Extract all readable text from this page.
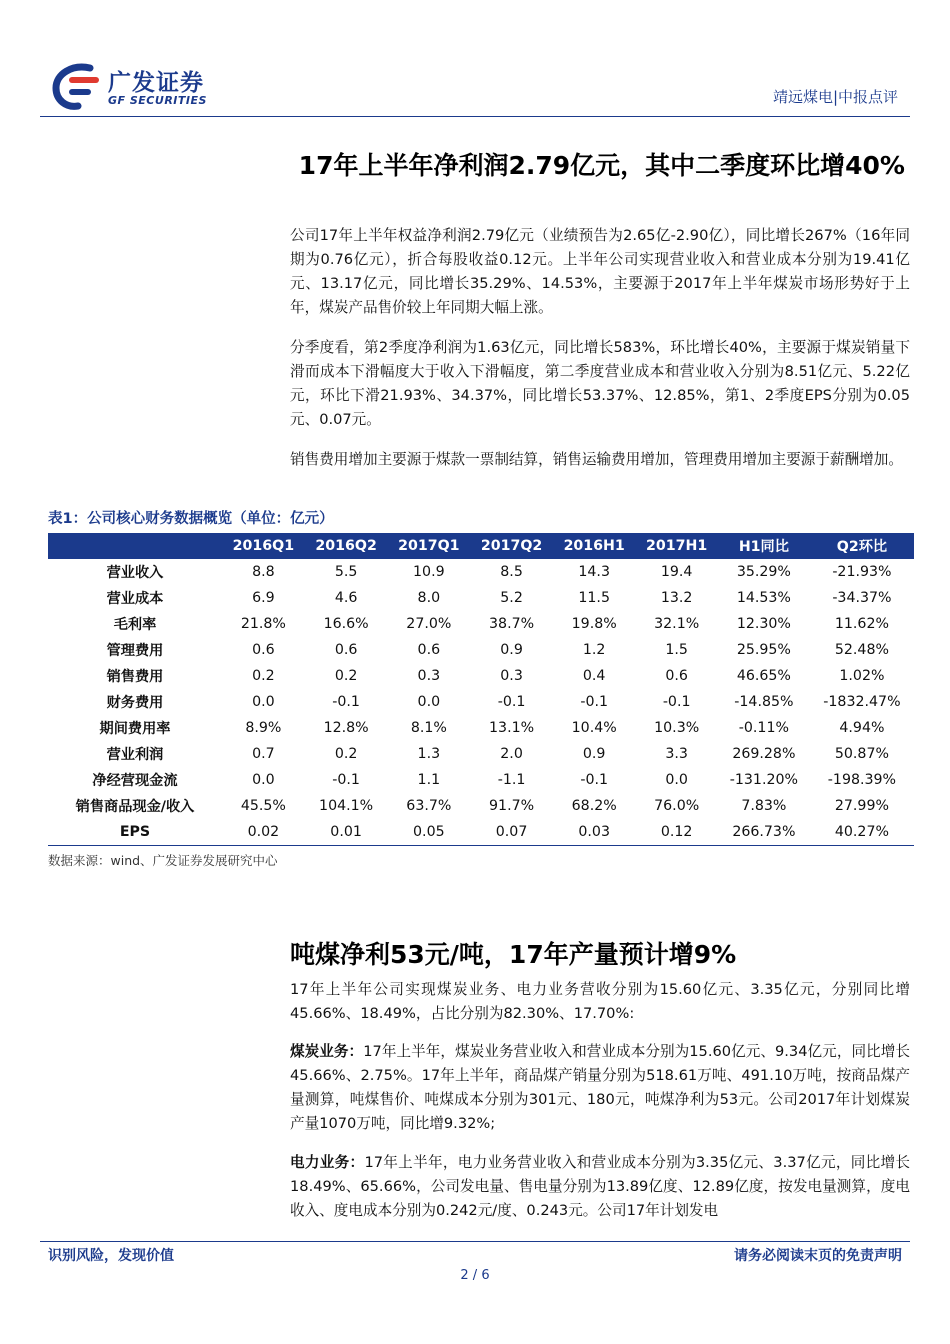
广发证券
GF SECURITIES	靖远煤电|中报点评
17年上半年净利润2.79亿元，其中二季度环比增40%
公司17年上半年权益净利润2.79亿元（业绩预告为2.65亿-2.90亿），同比增长267%（16年同期为0.76亿元），折合每股收益0.12元。上半年公司实现营业收入和营业成本分别为19.41亿元、13.17亿元，同比增长35.29%、14.53%，主要源于2017年上半年煤炭市场形势好于上年，煤炭产品售价较上年同期大幅上涨。
分季度看，第2季度净利润为1.63亿元，同比增长583%，环比增长40%，主要源于煤炭销量下滑而成本下滑幅度大于收入下滑幅度，第二季度营业成本和营业收入分别为8.51亿元、5.22亿元，环比下滑21.93%、34.37%，同比增长53.37%、12.85%，第1、2季度EPS分别为0.05元、0.07元。
销售费用增加主要源于煤款一票制结算，销售运输费用增加，管理费用增加主要源于薪酬增加。
表1：公司核心财务数据概览（单位：亿元）
	2016Q1	2016Q2	2017Q1	2017Q2	2016H1	2017H1	H1同比	Q2环比
营业收入	8.8	5.5	10.9	8.5	14.3	19.4	35.29%	-21.93%
营业成本	6.9	4.6	8.0	5.2	11.5	13.2	14.53%	-34.37%
毛利率	21.8%	16.6%	27.0%	38.7%	19.8%	32.1%	12.30%	11.62%
管理费用	0.6	0.6	0.6	0.9	1.2	1.5	25.95%	52.48%
销售费用	0.2	0.2	0.3	0.3	0.4	0.6	46.65%	1.02%
财务费用	0.0	-0.1	0.0	-0.1	-0.1	-0.1	-14.85%	-1832.47%
期间费用率	8.9%	12.8%	8.1%	13.1%	10.4%	10.3%	-0.11%	4.94%
营业利润	0.7	0.2	1.3	2.0	0.9	3.3	269.28%	50.87%
净经营现金流	0.0	-0.1	1.1	-1.1	-0.1	0.0	-131.20%	-198.39%
销售商品现金/收入	45.5%	104.1%	63.7%	91.7%	68.2%	76.0%	7.83%	27.99%
EPS	0.02	0.01	0.05	0.07	0.03	0.12	266.73%	40.27%
数据来源：wind、广发证券发展研究中心
吨煤净利53元/吨，17年产量预计增9%
17年上半年公司实现煤炭业务、电力业务营收分别为15.60亿元、3.35亿元，分别同比增45.66%、18.49%，占比分别为82.30%、17.70%:
煤炭业务：17年上半年，煤炭业务营业收入和营业成本分别为15.60亿元、9.34亿元，同比增长45.66%、2.75%。17年上半年，商品煤产销量分别为518.61万吨、491.10万吨，按商品煤产量测算，吨煤售价、吨煤成本分别为301元、180元，吨煤净利为53元。公司2017年计划煤炭产量1070万吨，同比增9.32%;
电力业务：17年上半年，电力业务营业收入和营业成本分别为3.35亿元、3.37亿元，同比增长18.49%、65.66%，公司发电量、售电量分别为13.89亿度、12.89亿度，按发电量测算，度电收入、度电成本分别为0.242元/度、0.243元。公司17年计划发电
识别风险，发现价值	请务必阅读末页的免责声明
2 / 6
